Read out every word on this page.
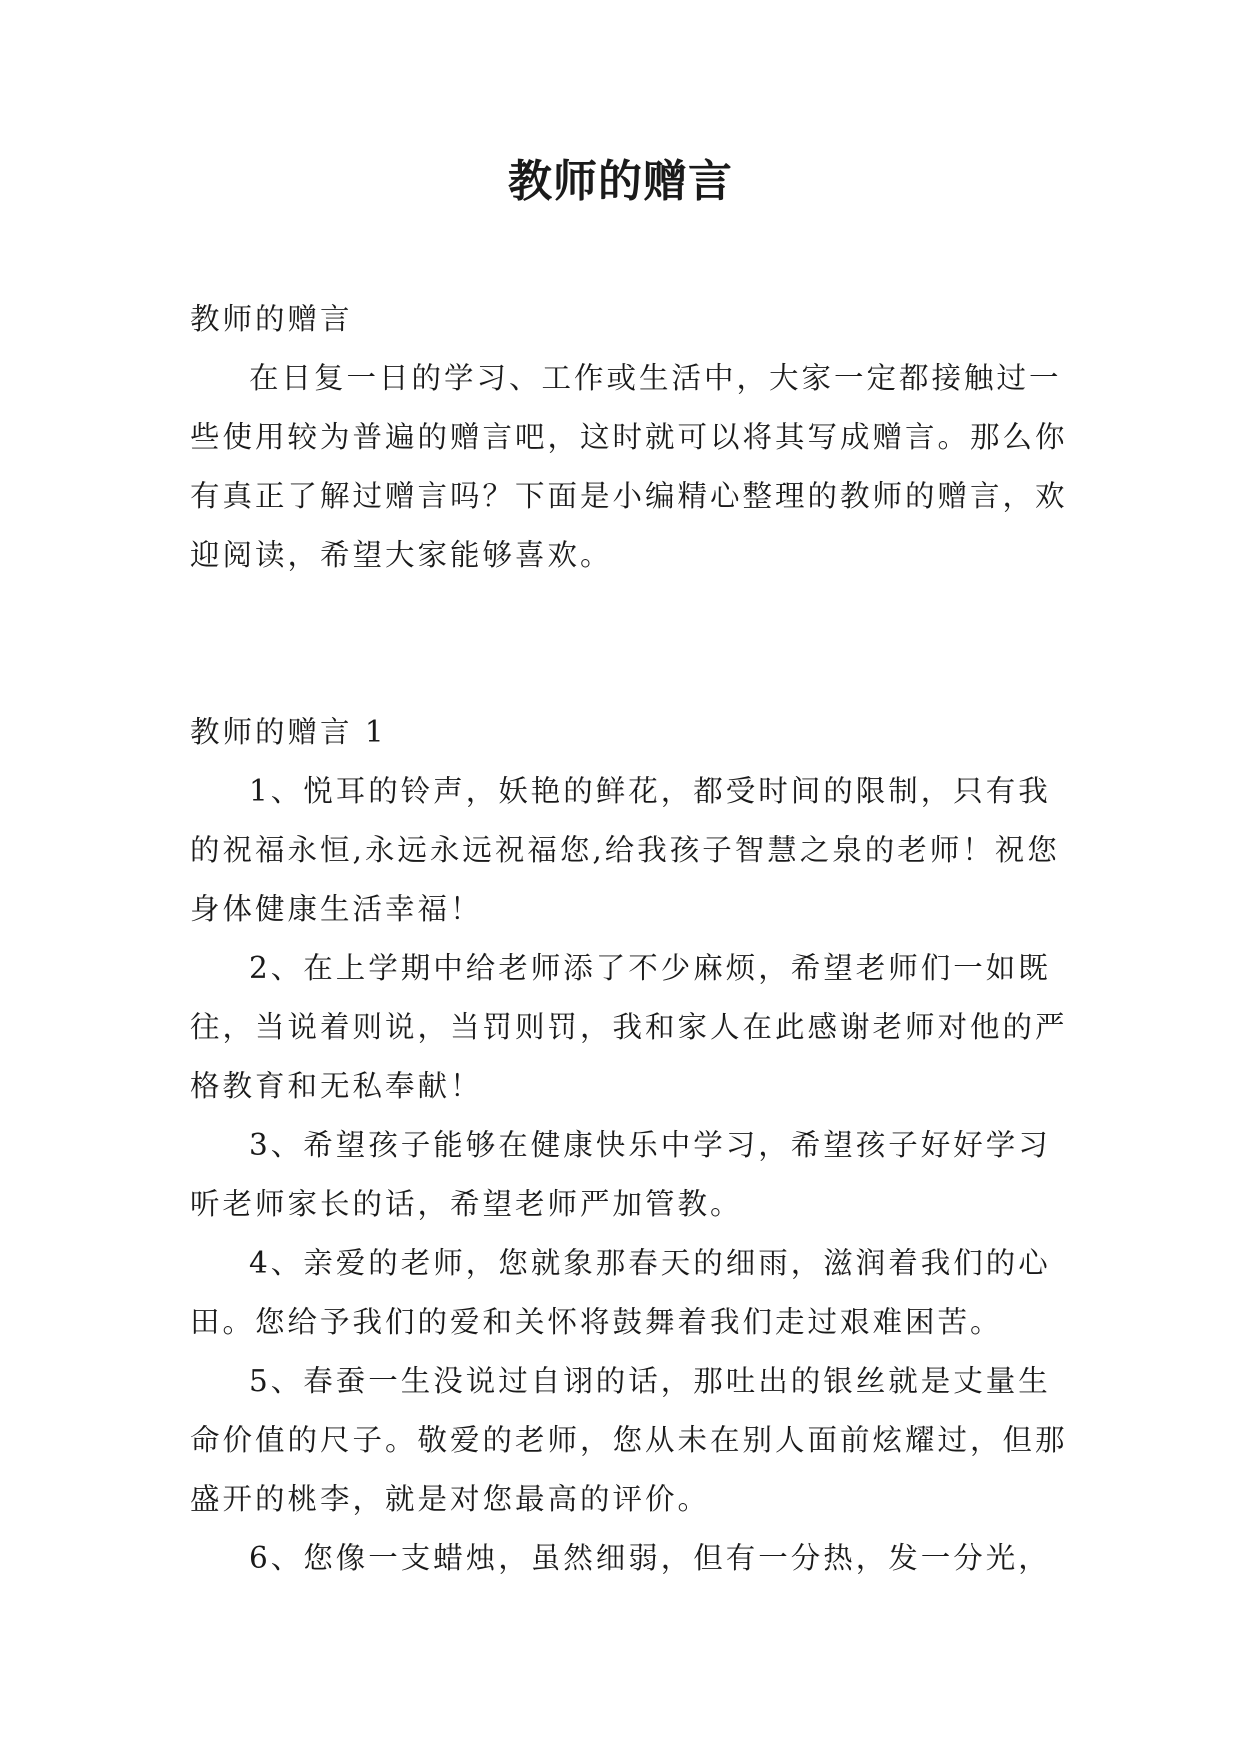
教师的赠言

教师的赠言

在日复一日的学习、工作或生活中，大家一定都接触过一些使用较为普遍的赠言吧，这时就可以将其写成赠言。那么你有真正了解过赠言吗？下面是小编精心整理的教师的赠言，欢迎阅读，希望大家能够喜欢。

教师的赠言 1

1、悦耳的铃声，妖艳的鲜花，都受时间的限制，只有我的祝福永恒,永远永远祝福您,给我孩子智慧之泉的老师！祝您身体健康生活幸福！

2、在上学期中给老师添了不少麻烦，希望老师们一如既往，当说着则说，当罚则罚，我和家人在此感谢老师对他的严格教育和无私奉献！

3、希望孩子能够在健康快乐中学习，希望孩子好好学习听老师家长的话，希望老师严加管教。

4、亲爱的老师，您就象那春天的细雨，滋润着我们的心田。您给予我们的爱和关怀将鼓舞着我们走过艰难困苦。

5、春蚕一生没说过自诩的话，那吐出的银丝就是丈量生命价值的尺子。敬爱的老师，您从未在别人面前炫耀过，但那盛开的桃李，就是对您最高的评价。

6、您像一支蜡烛，虽然细弱，但有一分热，发一分光，
